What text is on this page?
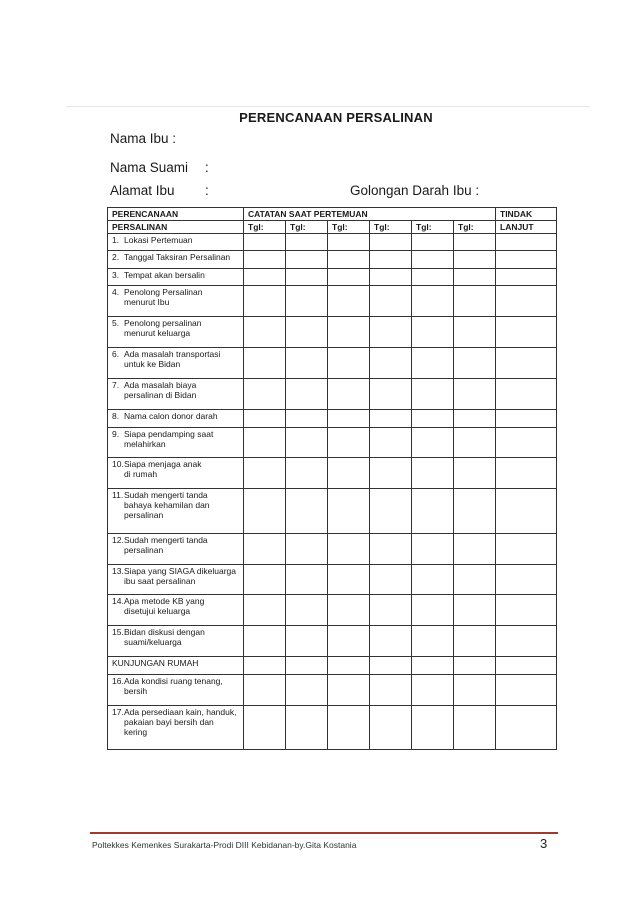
PERENCANAAN PERSALINAN
Nama Ibu :
Nama Suami :
Alamat Ibu :	Golongan Darah Ibu :
PERENCANAAN	CATATAN SAAT PERTEMUAN						TINDAK
PERSALINAN	Tgl:	Tgl:	Tgl:	Tgl:	Tgl:	Tgl:	LANJUT
1. Lokasi Pertemuan							
2. Tanggal Taksiran Persalinan							
3. Tempat akan bersalin							
4. Penolong Persalinan
menurut Ibu							

5. Penolong persalinan
menurut keluarga							

6. Ada masalah transportasi
untuk ke Bidan							

7. Ada masalah biaya
persalinan di Bidan							

8. Nama calon donor darah							
9. Siapa pendamping saat
melahirkan							

10.Siapa menjaga anak
di rumah							

11.Sudah mengerti tanda
bahaya kehamilan dan
persalinan							

12.Sudah mengerti tanda
persalinan							

13.Siapa yang SIAGA dikeluarga
ibu saat persalinan							

14.Apa metode KB yang
disetujui keluarga							

15.Bidan diskusi dengan
suami/keluarga							

KUNJUNGAN RUMAH							
16.Ada kondisi ruang tenang,
bersih							

17.Ada persediaan kain, handuk,
pakaian bayi bersih dan
kering							

Poltekkes Kemenkes Surakarta-Prodi DIII Kebidanan-by.Gita Kostania	3
